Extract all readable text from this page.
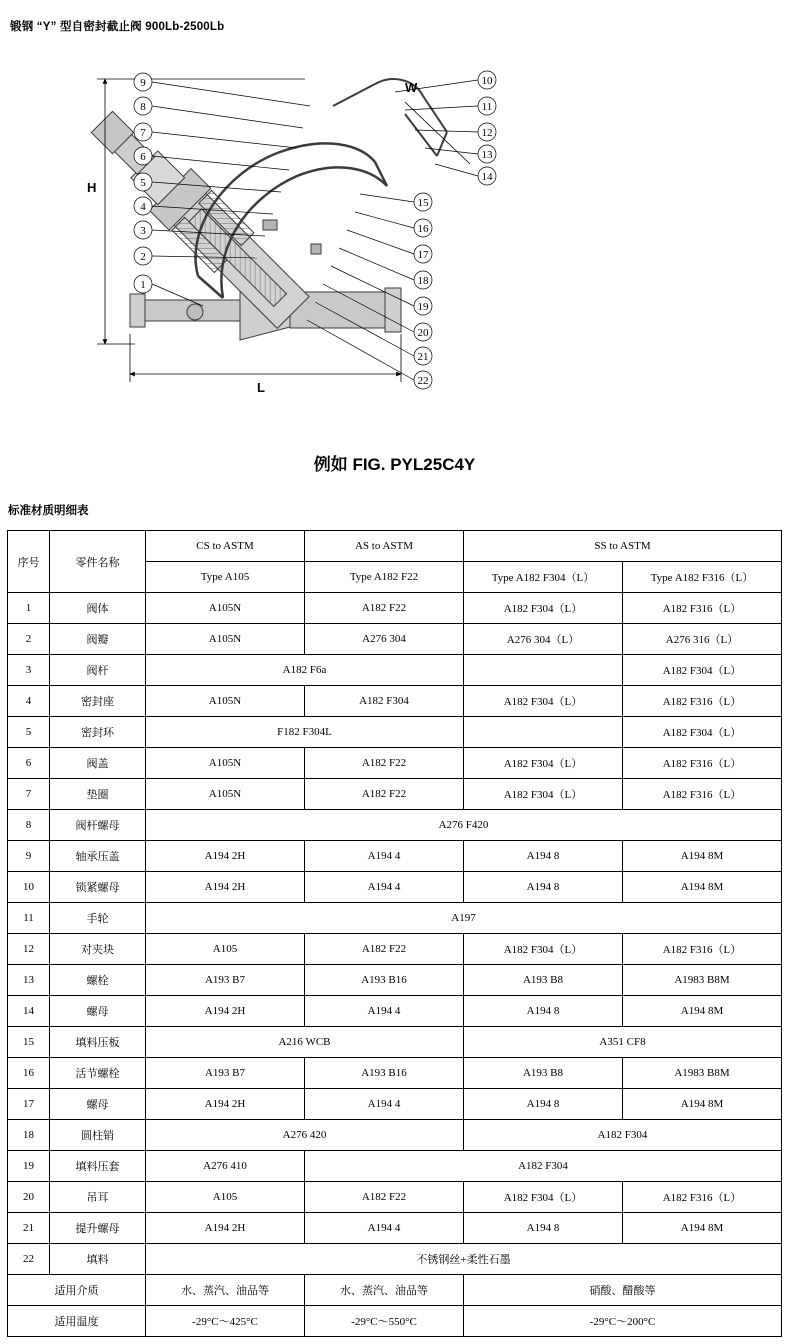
锻钢 “Y” 型自密封截止阀 900Lb-2500Lb
H
L
W
9
8
7
6
5
4
3
2
1
10
11
12
13
14
15
16
17
18
19
20
21
22
例如 FIG. PYL25C4Y
标准材质明细表
序号	零件名称	CS to ASTM	AS to ASTM	SS to ASTM	
		Type A105	Type A182 F22	Type A182 F304（L）	Type A182 F316（L）
1	阀体	A105N	A182 F22	A182 F304（L）	A182 F316（L）
2	阀瓣	A105N	A276 304	A276 304（L）	A276 316（L）
3	阀杆	A182 F6a			A182 F304（L）
4	密封座	A105N	A182 F304	A182 F304（L）	A182 F316（L）
5	密封环	F182 F304L			A182 F304（L）
6	阀盖	A105N	A182 F22	A182 F304（L）	A182 F316（L）
7	垫圈	A105N	A182 F22	A182 F304（L）	A182 F316（L）
8	阀杆螺母	A276 F420			
9	轴承压盖	A194 2H	A194 4	A194 8	A194 8M
10	锁紧螺母	A194 2H	A194 4	A194 8	A194 8M
11	手轮	A197			
12	对夹块	A105	A182 F22	A182 F304（L）	A182 F316（L）
13	螺栓	A193 B7	A193 B16	A193 B8	A1983 B8M
14	螺母	A194 2H	A194 4	A194 8	A194 8M
15	填料压板	A216 WCB		A351 CF8	
16	活节螺栓	A193 B7	A193 B16	A193 B8	A1983 B8M
17	螺母	A194 2H	A194 4	A194 8	A194 8M
18	圆柱销	A276 420		A182 F304	
19	填料压套	A276 410	A182 F304		
20	吊耳	A105	A182 F22	A182 F304（L）	A182 F316（L）
21	提升螺母	A194 2H	A194 4	A194 8	A194 8M
22	填料	不锈钢丝+柔性石墨			
适用介质		水、蒸汽、油品等	水、蒸汽、油品等	硝酸、醋酸等	
适用温度		-29°C～425°C	-29°C～550°C	-29°C～200°C	
